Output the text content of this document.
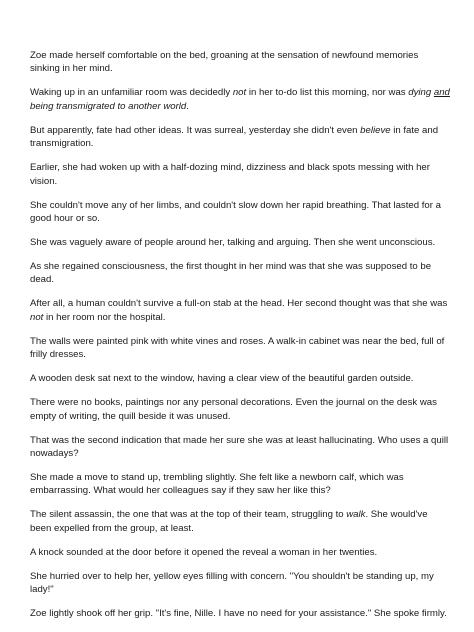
Zoe made herself comfortable on the bed, groaning at the sensation of newfound memories sinking in her mind.

Waking up in an unfamiliar room was decidedly not in her to-do list this morning, nor was dying and being transmigrated to another world.

But apparently, fate had other ideas. It was surreal, yesterday she didn't even believe in fate and transmigration.

Earlier, she had woken up with a half-dozing mind, dizziness and black spots messing with her vision.

She couldn't move any of her limbs, and couldn't slow down her rapid breathing. That lasted for a good hour or so.

She was vaguely aware of people around her, talking and arguing. Then she went unconscious.

As she regained consciousness, the first thought in her mind was that she was supposed to be dead.

After all, a human couldn't survive a full-on stab at the head. Her second thought was that she was not in her room nor the hospital.

The walls were painted pink with white vines and roses. A walk-in cabinet was near the bed, full of frilly dresses.

A wooden desk sat next to the window, having a clear view of the beautiful garden outside.

There were no books, paintings nor any personal decorations. Even the journal on the desk was empty of writing, the quill beside it was unused.

That was the second indication that made her sure she was at least hallucinating. Who uses a quill nowadays?

She made a move to stand up, trembling slightly. She felt like a newborn calf, which was embarrassing. What would her colleagues say if they saw her like this?

The silent assassin, the one that was at the top of their team, struggling to walk. She would've been expelled from the group, at least.

A knock sounded at the door before it opened the reveal a woman in her twenties.

She hurried over to help her, yellow eyes filling with concern. "You shouldn't be standing up, my lady!"

Zoe lightly shook off her grip. "It's fine, Nille. I have no need for your assistance." She spoke firmly.
